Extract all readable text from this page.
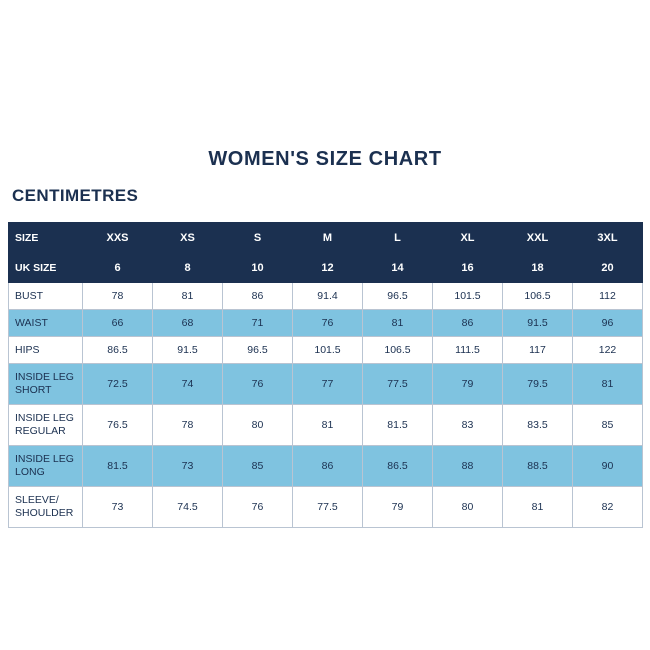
WOMEN'S SIZE CHART
CENTIMETRES
SIZE	XXS	XS	S	M	L	XL	XXL	3XL
UK SIZE	6	8	10	12	14	16	18	20
BUST	78	81	86	91.4	96.5	101.5	106.5	112
WAIST	66	68	71	76	81	86	91.5	96
HIPS	86.5	91.5	96.5	101.5	106.5	111.5	117	122
INSIDE LEG
SHORT	72.5	74	76	77	77.5	79	79.5	81
INSIDE LEG
REGULAR	76.5	78	80	81	81.5	83	83.5	85
INSIDE LEG
LONG	81.5	73	85	86	86.5	88	88.5	90
SLEEVE/
SHOULDER	73	74.5	76	77.5	79	80	81	82
